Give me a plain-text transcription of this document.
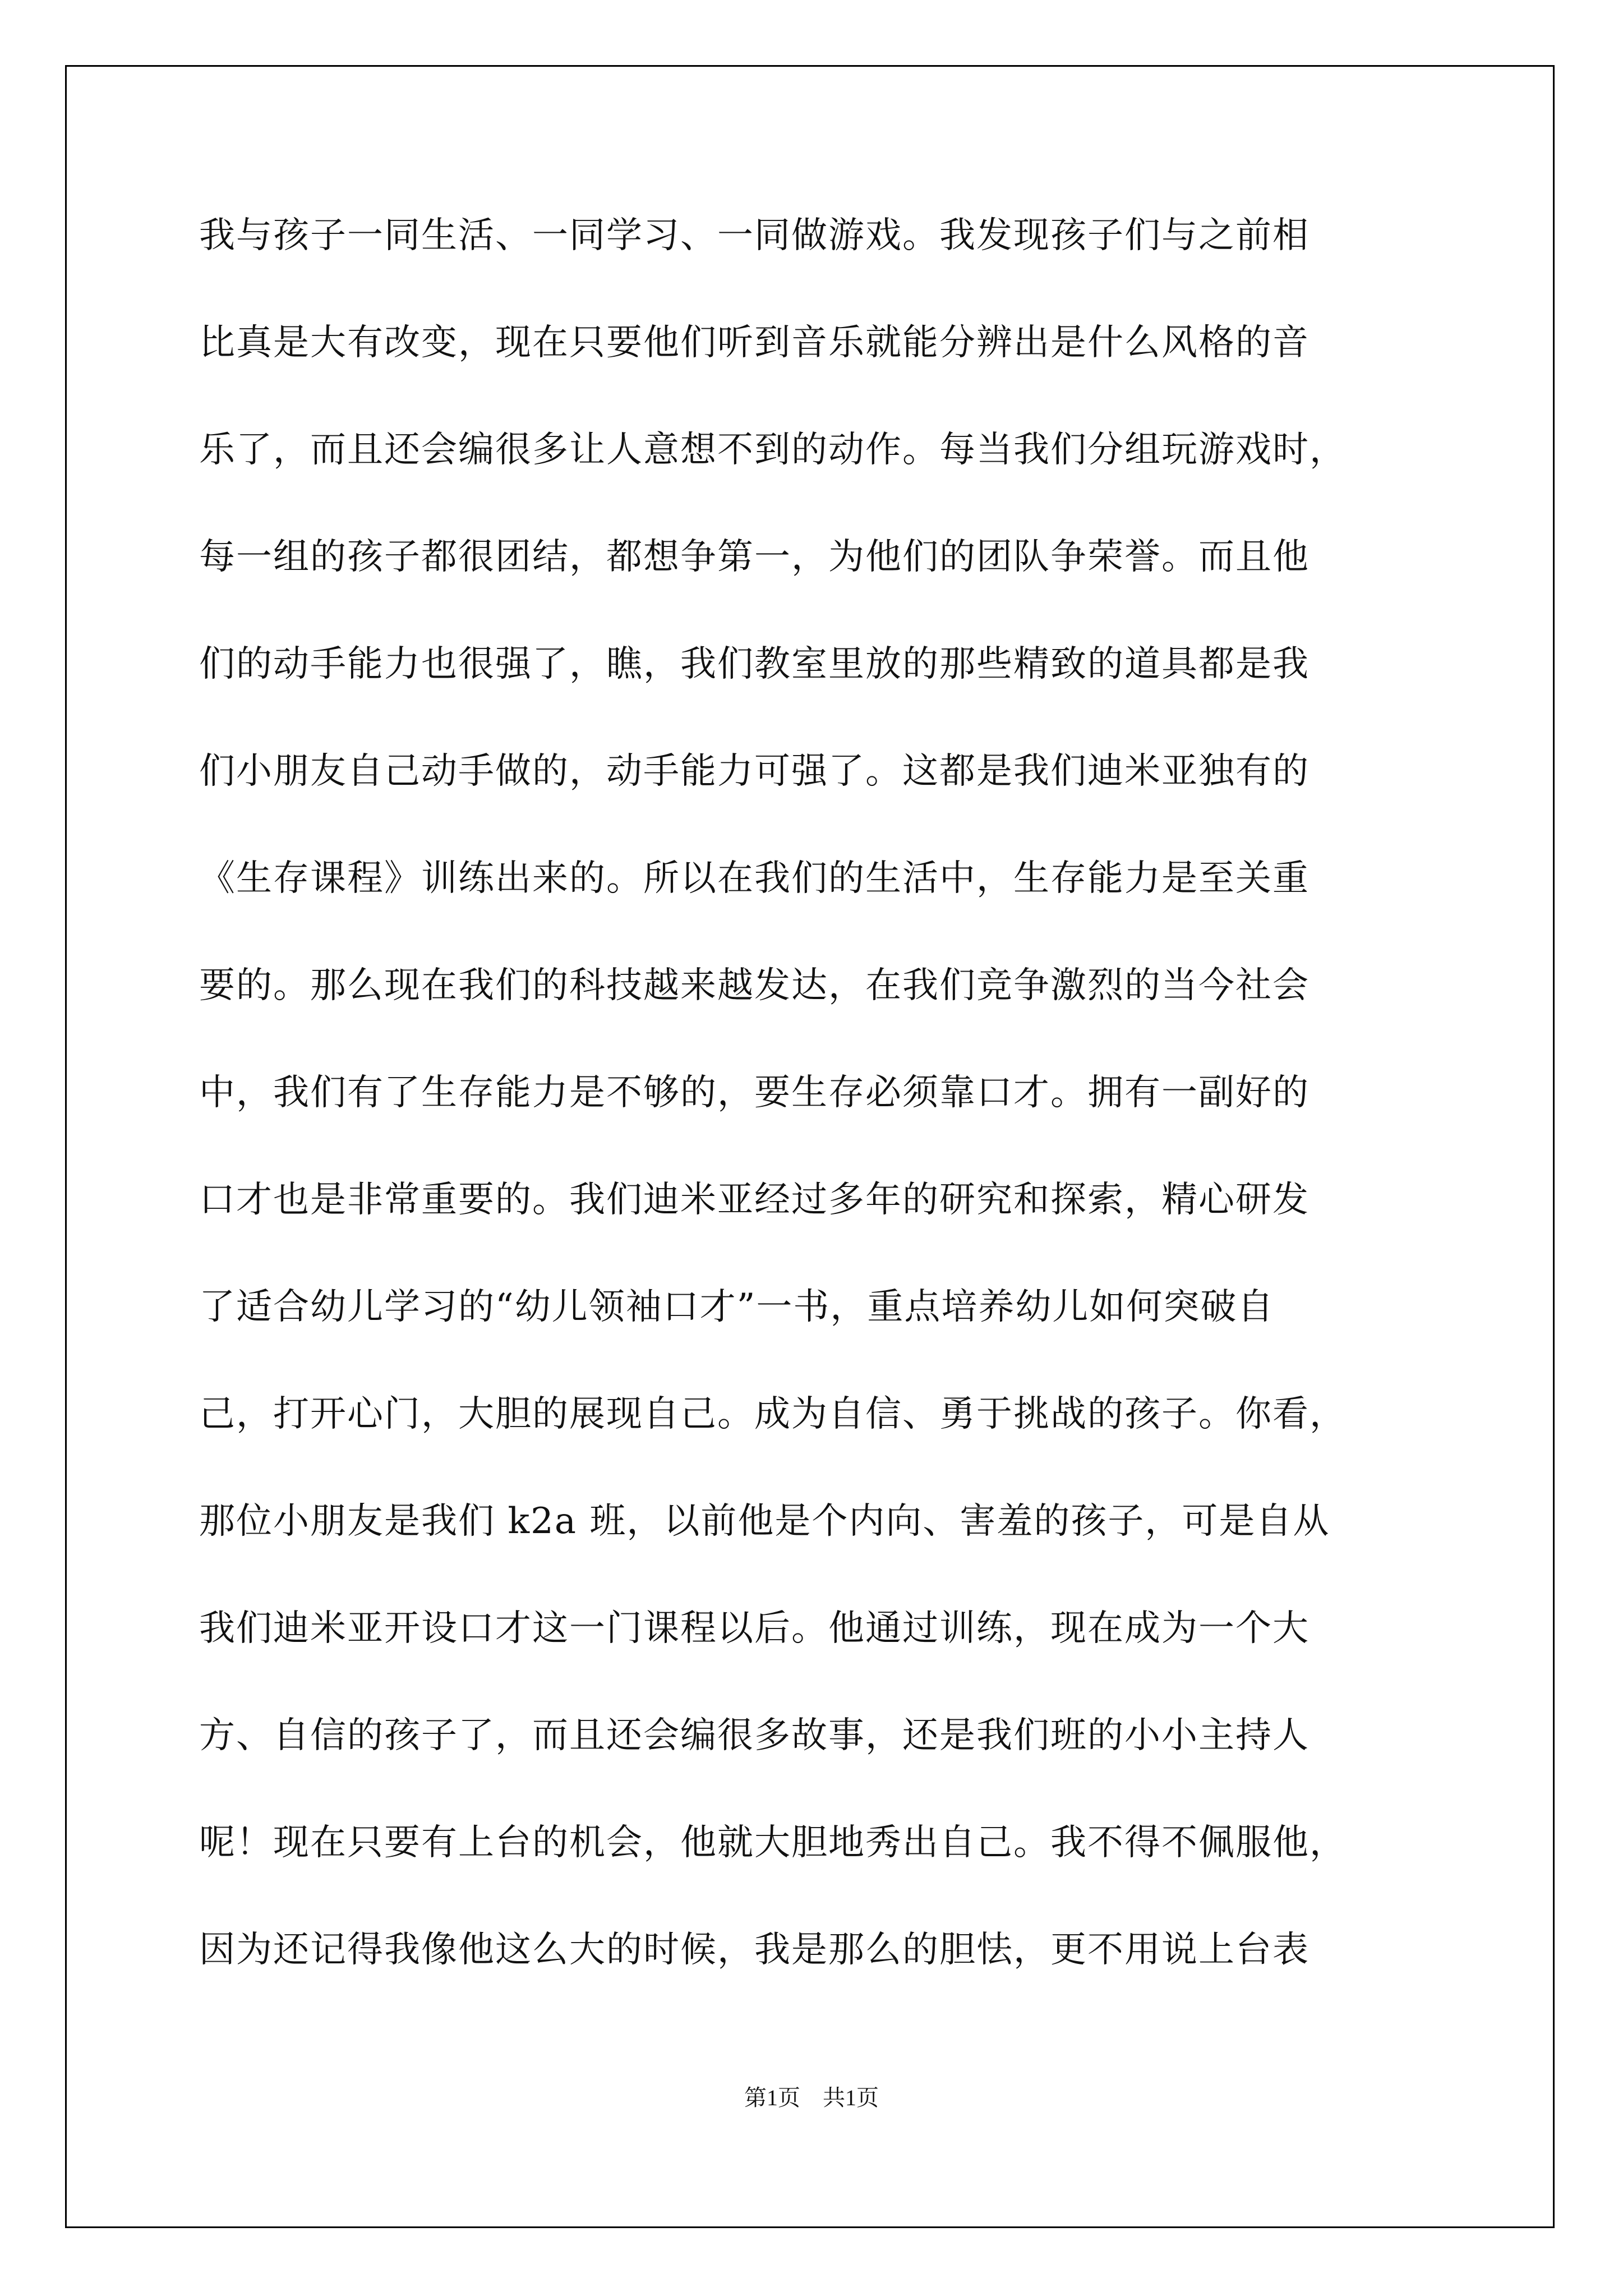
我与孩子一同生活、一同学习、一同做游戏。我发现孩子们与之前相
比真是大有改变，现在只要他们听到音乐就能分辨出是什么风格的音
乐了，而且还会编很多让人意想不到的动作。每当我们分组玩游戏时，
每一组的孩子都很团结，都想争第一，为他们的团队争荣誉。而且他
们的动手能力也很强了，瞧，我们教室里放的那些精致的道具都是我
们小朋友自己动手做的，动手能力可强了。这都是我们迪米亚独有的
《生存课程》训练出来的。所以在我们的生活中，生存能力是至关重
要的。那么现在我们的科技越来越发达，在我们竞争激烈的当今社会
中，我们有了生存能力是不够的，要生存必须靠口才。拥有一副好的
口才也是非常重要的。我们迪米亚经过多年的研究和探索，精心研发
了适合幼儿学习的“幼儿领袖口才”一书，重点培养幼儿如何突破自
己，打开心门，大胆的展现自己。成为自信、勇于挑战的孩子。你看，
那位小朋友是我们 k2a 班，以前他是个内向、害羞的孩子，可是自从
我们迪米亚开设口才这一门课程以后。他通过训练，现在成为一个大
方、自信的孩子了，而且还会编很多故事，还是我们班的小小主持人
呢！现在只要有上台的机会，他就大胆地秀出自己。我不得不佩服他，
因为还记得我像他这么大的时候，我是那么的胆怯，更不用说上台表
第1页　共1页
